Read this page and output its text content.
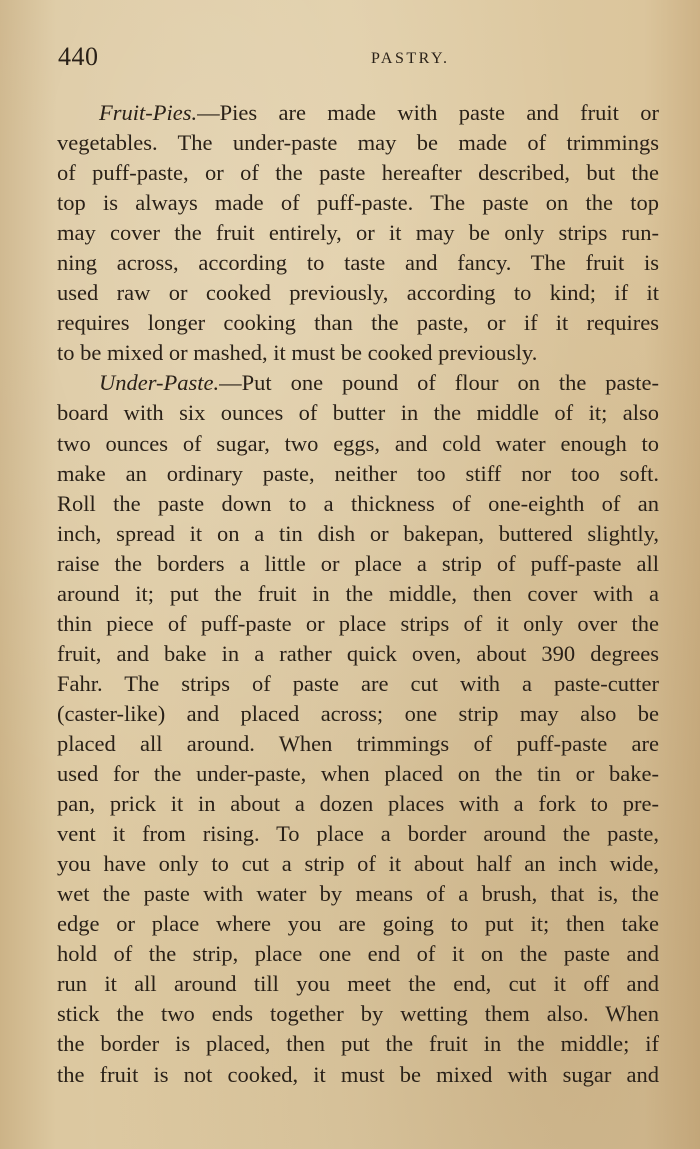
440	PASTRY.
Fruit-Pies.—Pies are made with paste and fruit or
vegetables. The under-paste may be made of trimmings
of puff-paste, or of the paste hereafter described, but the
top is always made of puff-paste. The paste on the top
may cover the fruit entirely, or it may be only strips run-
ning across, according to taste and fancy. The fruit is
used raw or cooked previously, according to kind; if it
requires longer cooking than the paste, or if it requires
to be mixed or mashed, it must be cooked previously.
Under-Paste.—Put one pound of flour on the paste-
board with six ounces of butter in the middle of it; also
two ounces of sugar, two eggs, and cold water enough to
make an ordinary paste, neither too stiff nor too soft.
Roll the paste down to a thickness of one-eighth of an
inch, spread it on a tin dish or bakepan, buttered slightly,
raise the borders a little or place a strip of puff-paste all
around it; put the fruit in the middle, then cover with a
thin piece of puff-paste or place strips of it only over the
fruit, and bake in a rather quick oven, about 390 degrees
Fahr. The strips of paste are cut with a paste-cutter
(caster-like) and placed across; one strip may also be
placed all around. When trimmings of puff-paste are
used for the under-paste, when placed on the tin or bake-
pan, prick it in about a dozen places with a fork to pre-
vent it from rising. To place a border around the paste,
you have only to cut a strip of it about half an inch wide,
wet the paste with water by means of a brush, that is, the
edge or place where you are going to put it; then take
hold of the strip, place one end of it on the paste and
run it all around till you meet the end, cut it off and
stick the two ends together by wetting them also. When
the border is placed, then put the fruit in the middle; if
the fruit is not cooked, it must be mixed with sugar and
